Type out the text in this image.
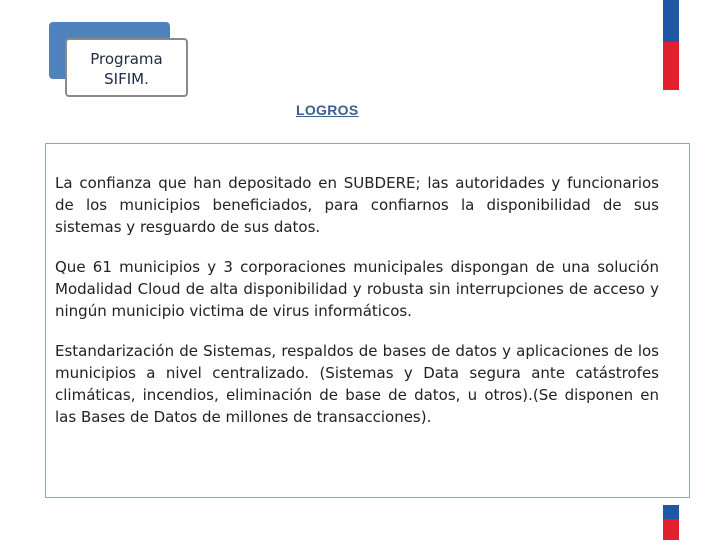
Programa
SIFIM.
LOGROS

La confianza que han depositado en SUBDERE; las autoridades y funcionarios de los municipios beneficiados, para confiarnos la disponibilidad de sus sistemas y resguardo de sus datos.

Que 61 municipios y 3 corporaciones municipales dispongan de una solución Modalidad Cloud de alta disponibilidad y robusta sin interrupciones de acceso y ningún municipio victima de virus informáticos.

Estandarización de Sistemas, respaldos de bases de datos y aplicaciones de los municipios a nivel centralizado. (Sistemas y Data segura ante catástrofes climáticas, incendios, eliminación de base de datos, u otros).(Se disponen en las Bases de Datos de millones de transacciones).
